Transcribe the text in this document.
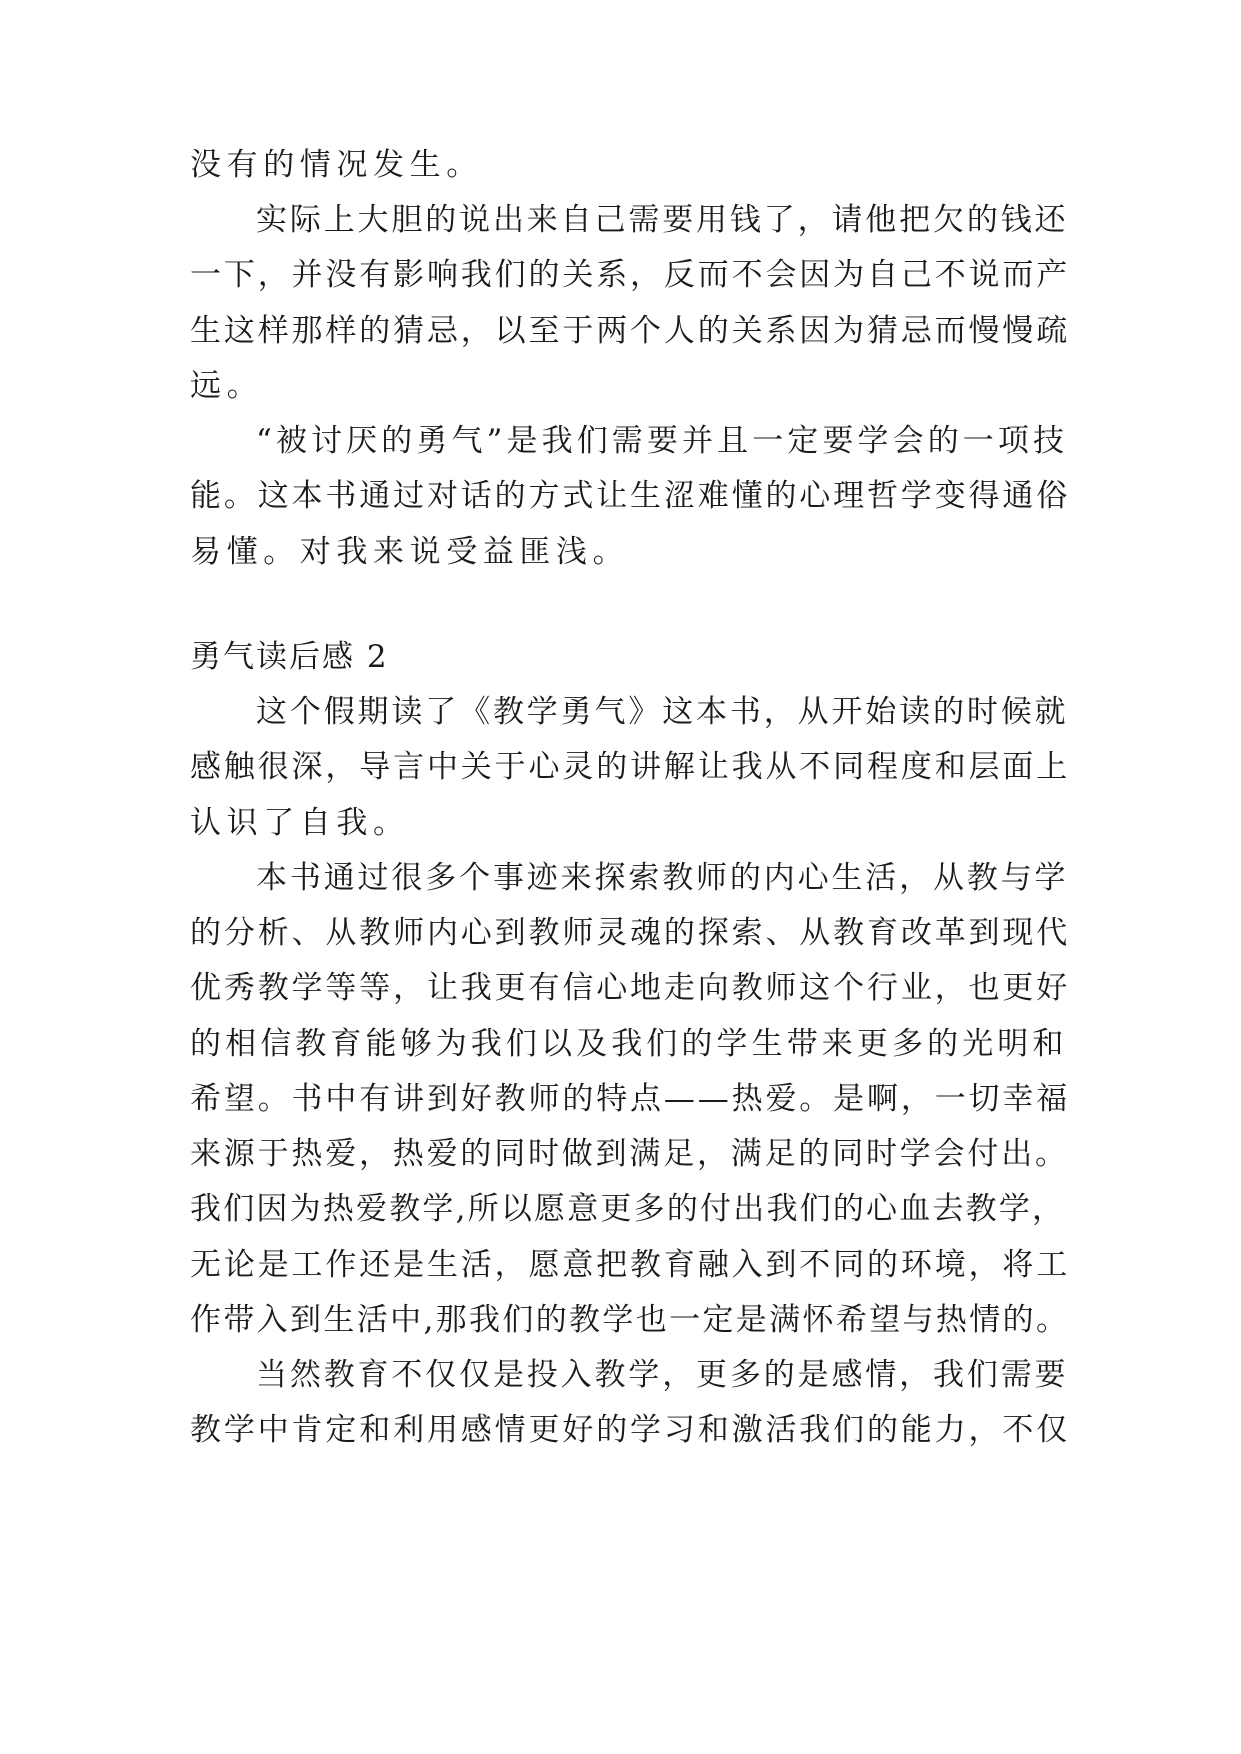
没有的情况发生。
实际上大胆的说出来自己需要用钱了，请他把欠的钱还
一下，并没有影响我们的关系，反而不会因为自己不说而产
生这样那样的猜忌，以至于两个人的关系因为猜忌而慢慢疏
远。
“被讨厌的勇气”是我们需要并且一定要学会的一项技
能。这本书通过对话的方式让生涩难懂的心理哲学变得通俗
易懂。对我来说受益匪浅。
勇气读后感 2
这个假期读了《教学勇气》这本书，从开始读的时候就
感触很深，导言中关于心灵的讲解让我从不同程度和层面上
认识了自我。
本书通过很多个事迹来探索教师的内心生活，从教与学
的分析、从教师内心到教师灵魂的探索、从教育改革到现代
优秀教学等等，让我更有信心地走向教师这个行业，也更好
的相信教育能够为我们以及我们的学生带来更多的光明和
希望。书中有讲到好教师的特点——热爱。是啊，一切幸福
来源于热爱，热爱的同时做到满足，满足的同时学会付出。
我们因为热爱教学,所以愿意更多的付出我们的心血去教学，
无论是工作还是生活，愿意把教育融入到不同的环境，将工
作带入到生活中,那我们的教学也一定是满怀希望与热情的。
当然教育不仅仅是投入教学，更多的是感情，我们需要
教学中肯定和利用感情更好的学习和激活我们的能力，不仅
